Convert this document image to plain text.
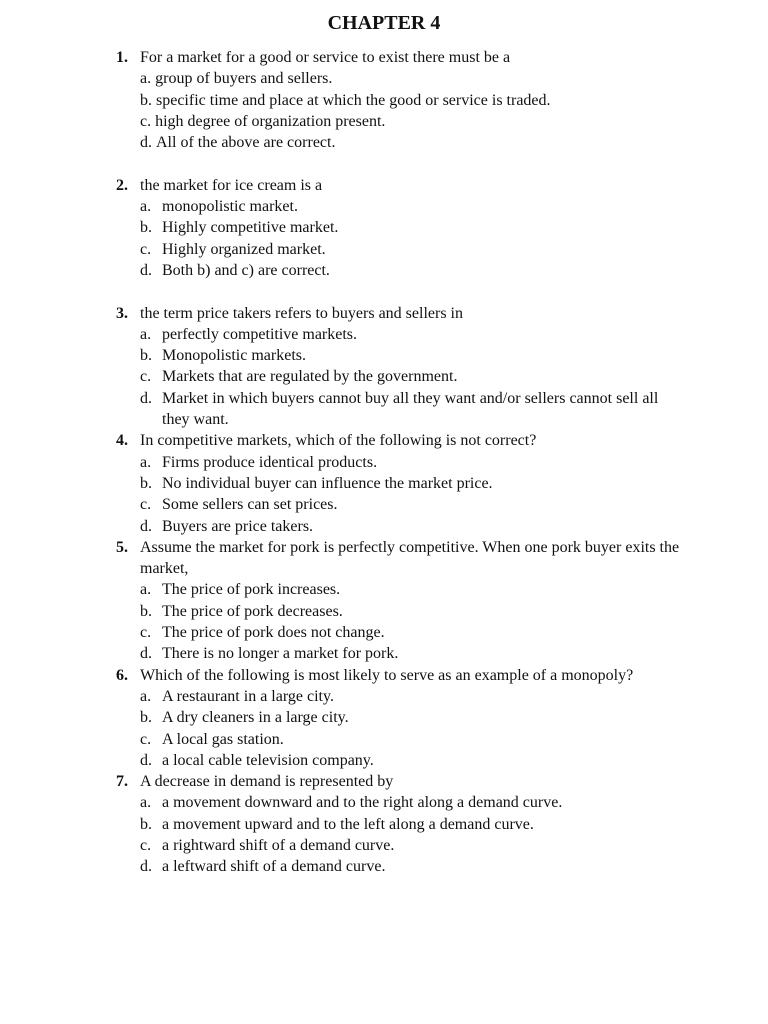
CHAPTER 4
1. For a market for a good or service to exist there must be a
a. group of buyers and sellers.
b. specific time and place at which the good or service is traded.
c. high degree of organization present.
d. All of the above are correct.
2. the market for ice cream is a
a. monopolistic market.
b. Highly competitive market.
c. Highly organized market.
d. Both b) and c) are correct.
3. the term price takers refers to buyers and sellers in
a. perfectly competitive markets.
b. Monopolistic markets.
c. Markets that are regulated by the government.
d. Market in which buyers cannot buy all they want and/or sellers cannot sell all they want.
4. In competitive markets, which of the following is not correct?
a. Firms produce identical products.
b. No individual buyer can influence the market price.
c. Some sellers can set prices.
d. Buyers are price takers.
5. Assume the market for pork is perfectly competitive. When one pork buyer exits the market,
a. The price of pork increases.
b. The price of pork decreases.
c. The price of pork does not change.
d. There is no longer a market for pork.
6. Which of the following is most likely to serve as an example of a monopoly?
a. A restaurant in a large city.
b. A dry cleaners in a large city.
c. A local gas station.
d. a local cable television company.
7. A decrease in demand is represented by
a. a movement downward and to the right along a demand curve.
b. a movement upward and to the left along a demand curve.
c. a rightward shift of a demand curve.
d. a leftward shift of a demand curve.
